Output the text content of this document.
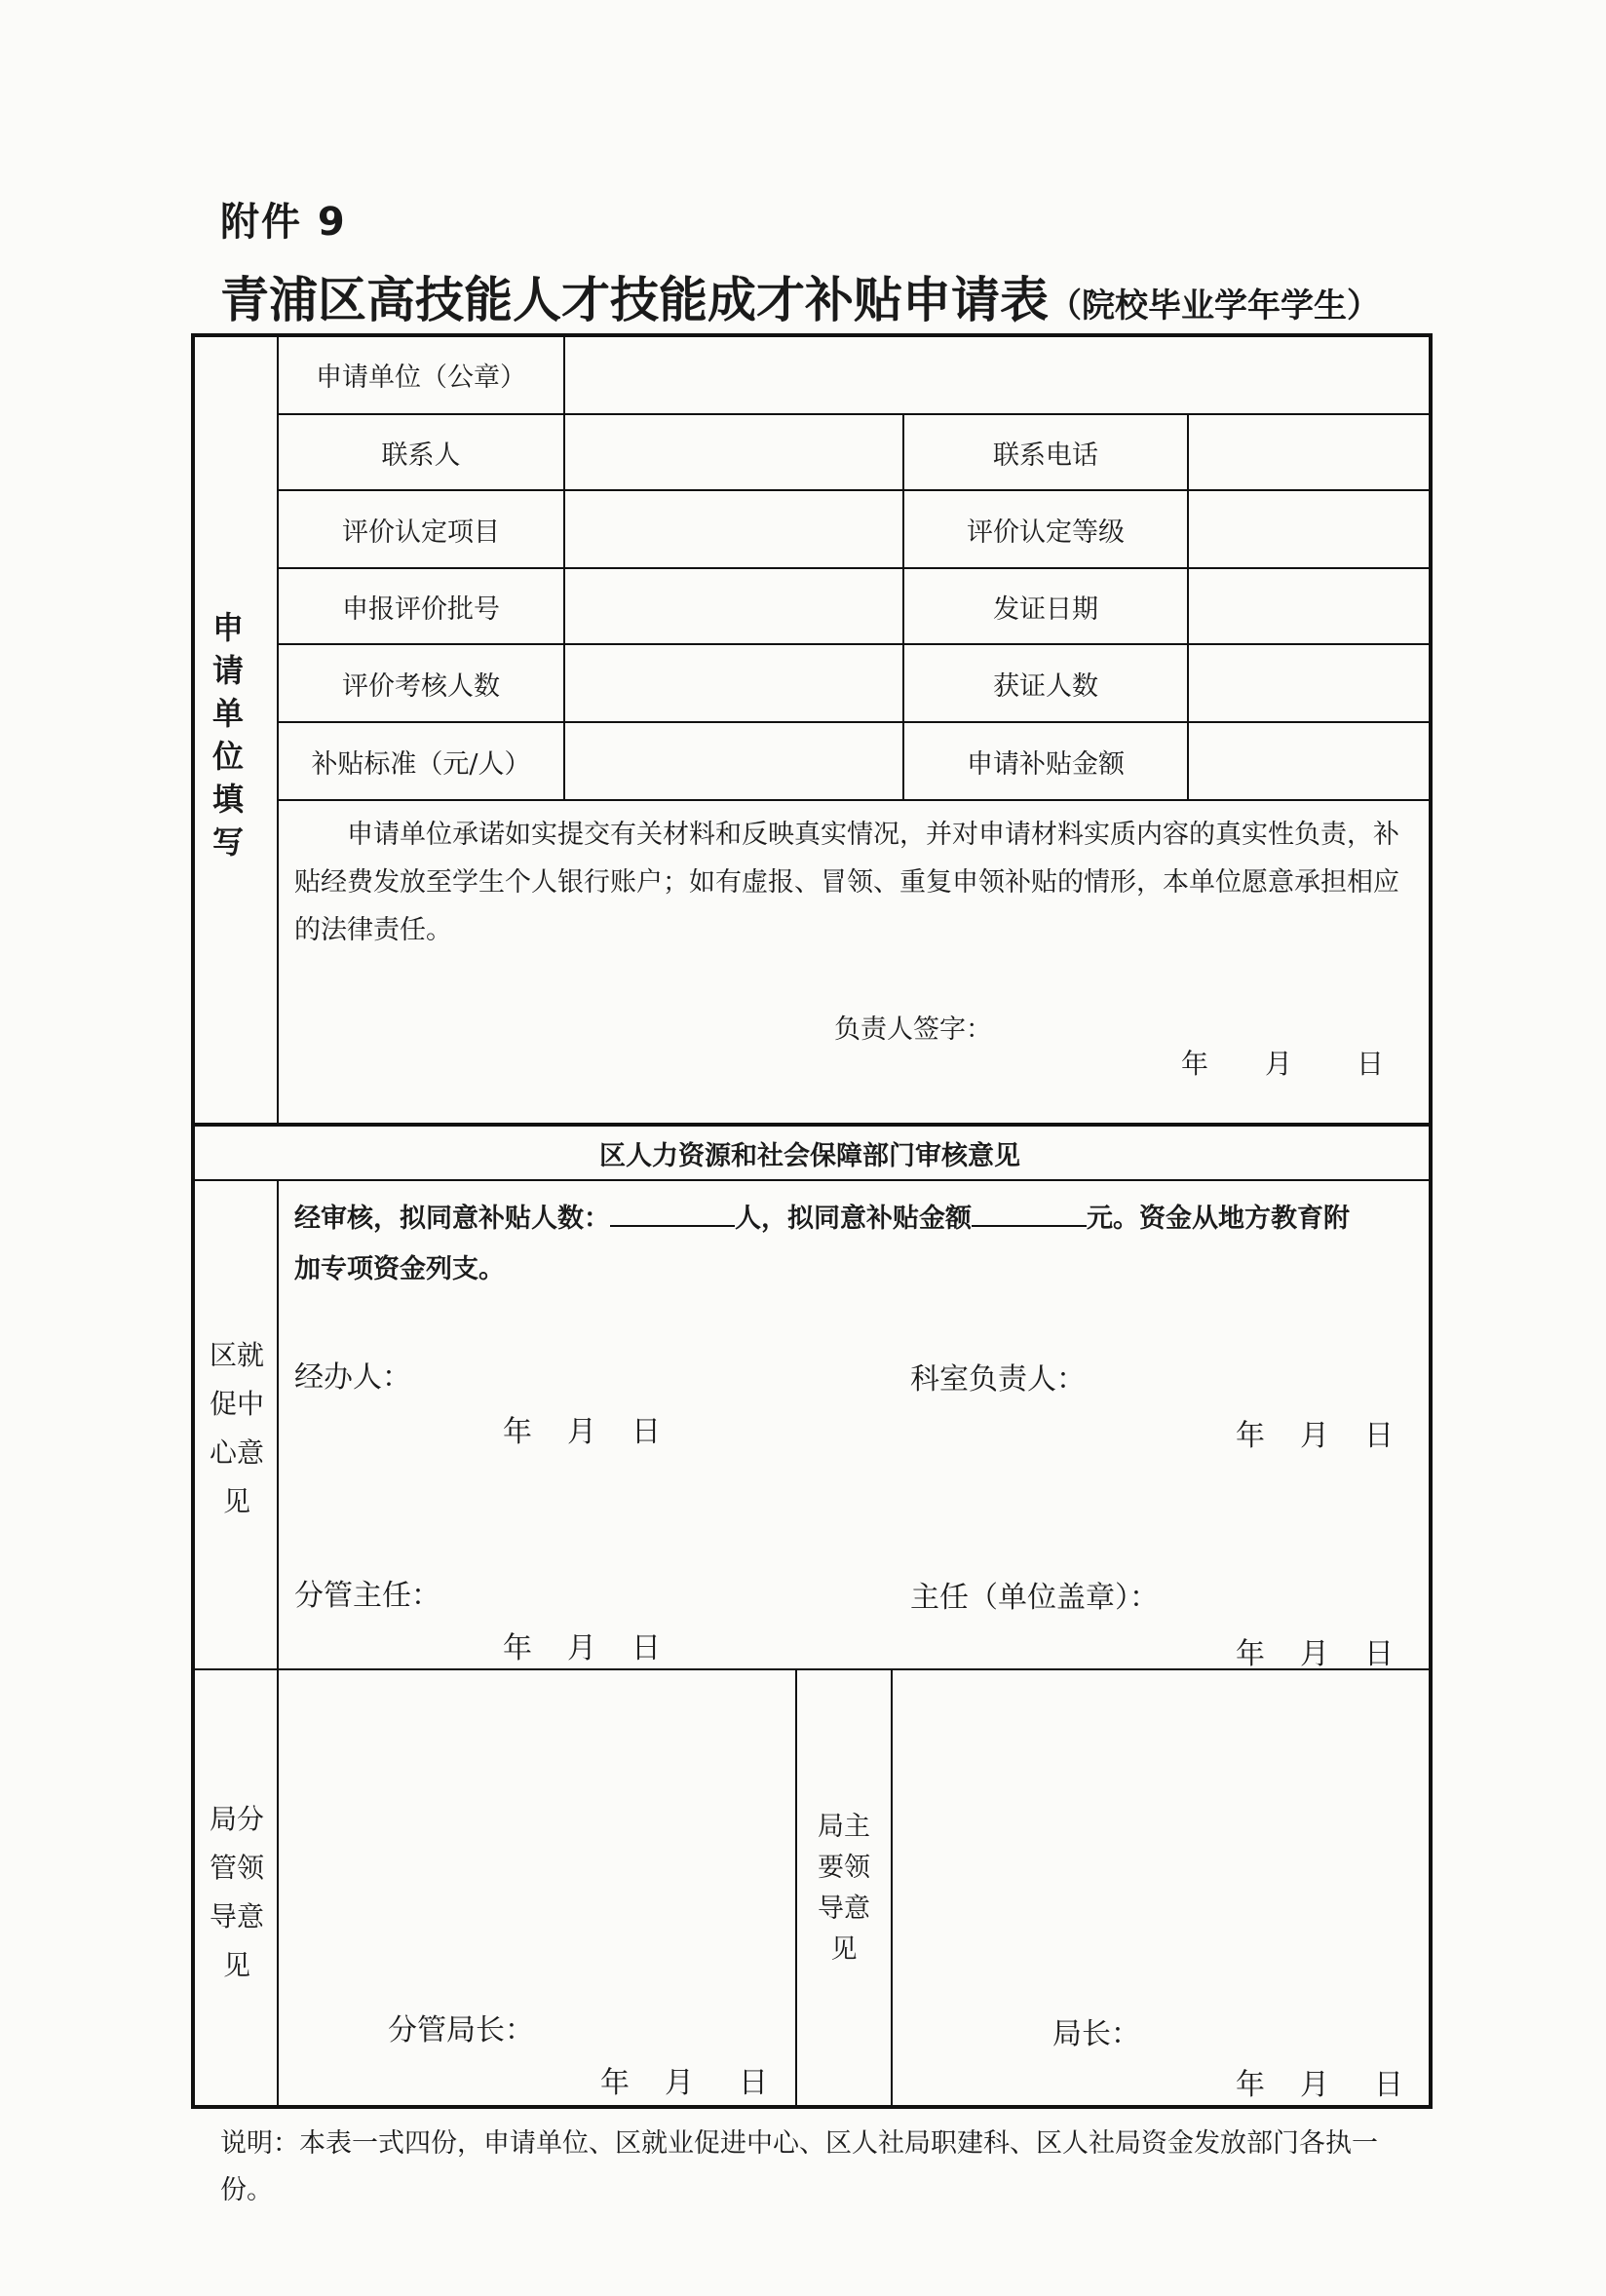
附件 9
青浦区高技能人才技能成才补贴申请表（院校毕业学年学生）
申
请
单
位
填
写
申请单位（公章）
联系人	联系电话
评价认定项目	评价认定等级
申报评价批号	发证日期
评价考核人数	获证人数
补贴标准（元/人）	申请补贴金额
申请单位承诺如实提交有关材料和反映真实情况，并对申请材料实质内容的真实性负责，补贴经费发放至学生个人银行账户；如有虚报、冒领、重复申领补贴的情形，本单位愿意承担相应的法律责任。
负责人签字：
年 月 日
区人力资源和社会保障部门审核意见
区就
促中
心意
见
经审核，拟同意补贴人数：	人，拟同意补贴金额	元。资金从地方教育附
加专项资金列支。
经办人：
年 月 日
科室负责人：
年 月 日
分管主任：
年 月 日
主任（单位盖章）：
年 月 日
局分
管领
导意
见
分管局长：
年 月 日
局主
要领
导意
见
局长：
年 月 日
说明：本表一式四份，申请单位、区就业促进中心、区人社局职建科、区人社局资金发放部门各执一份。
